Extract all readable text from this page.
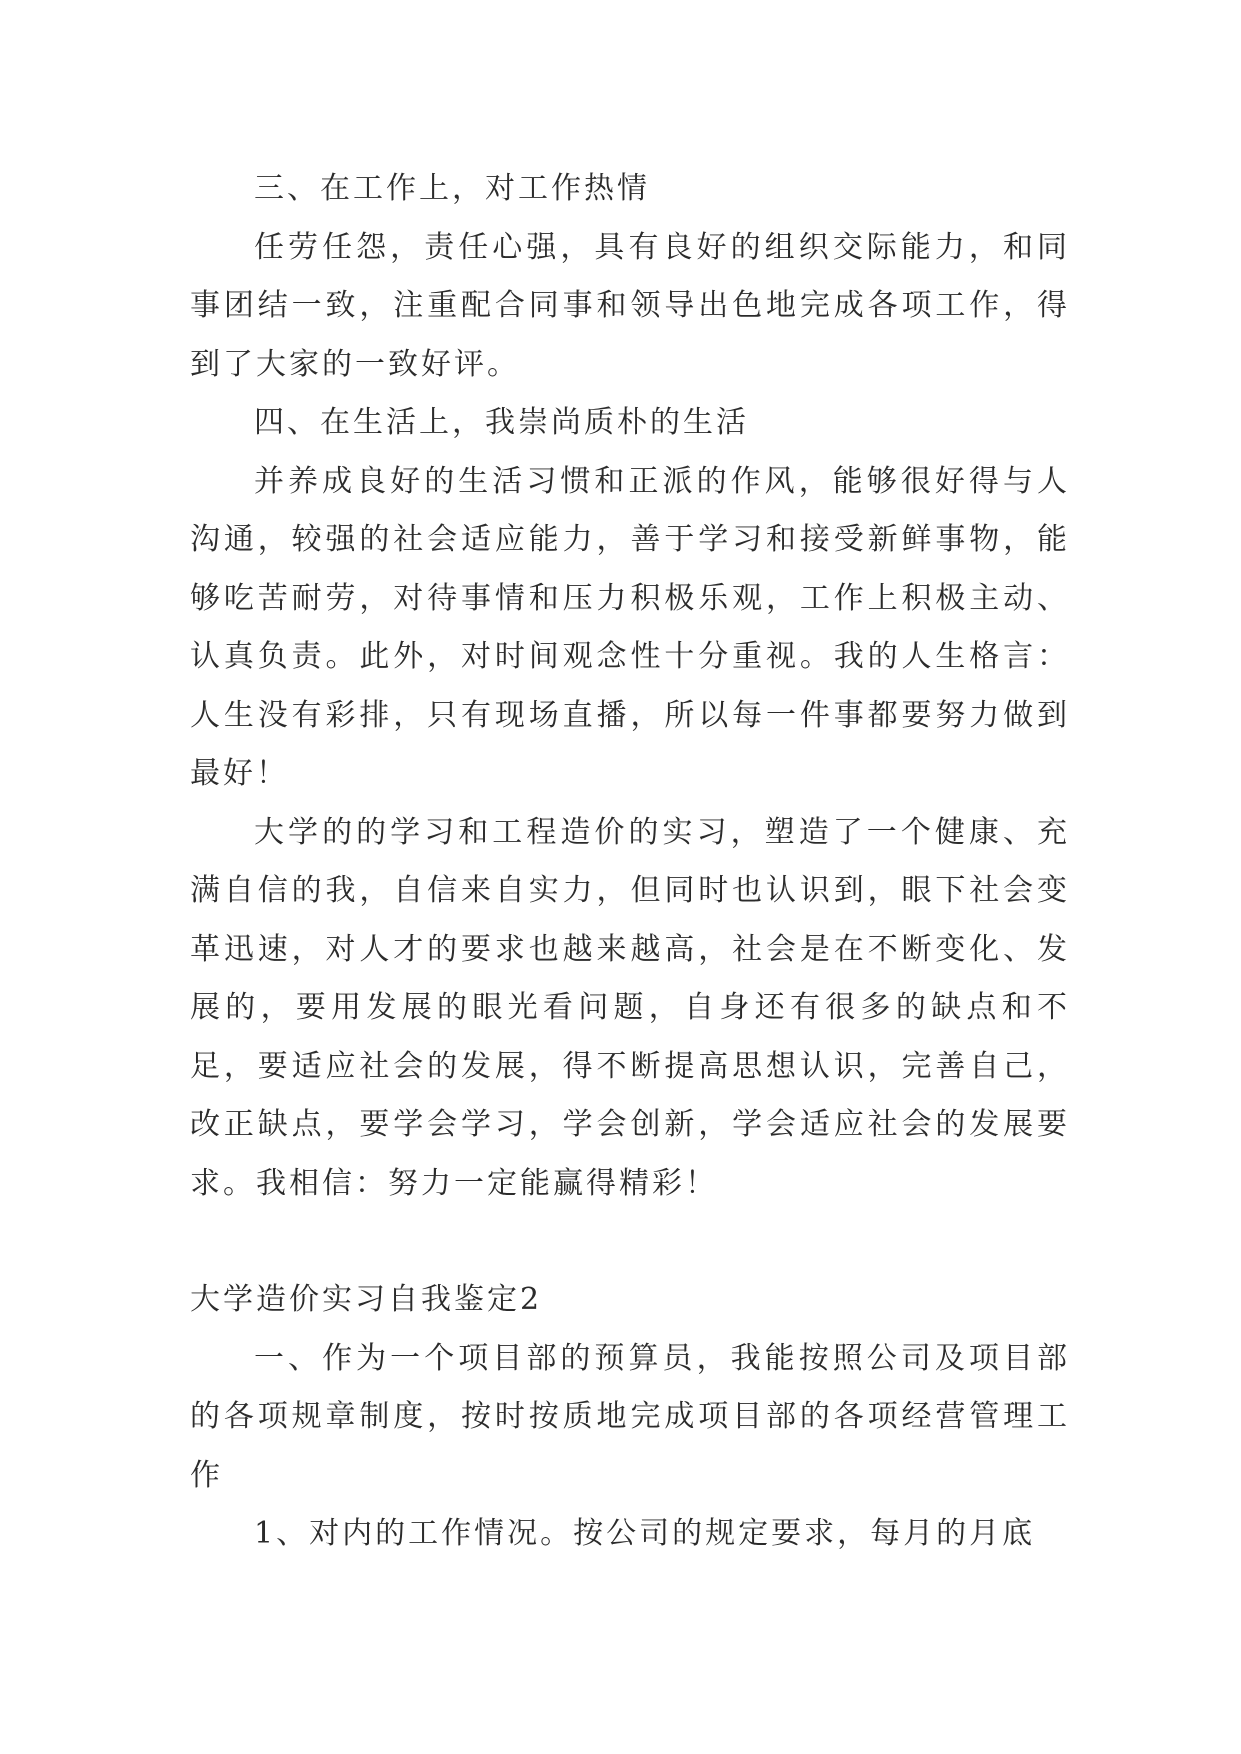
三、在工作上，对工作热情

任劳任怨，责任心强，具有良好的组织交际能力，和同事团结一致，注重配合同事和领导出色地完成各项工作，得到了大家的一致好评。

四、在生活上，我崇尚质朴的生活

并养成良好的生活习惯和正派的作风，能够很好得与人沟通，较强的社会适应能力，善于学习和接受新鲜事物，能够吃苦耐劳，对待事情和压力积极乐观，工作上积极主动、认真负责。此外，对时间观念性十分重视。我的人生格言：人生没有彩排，只有现场直播，所以每一件事都要努力做到最好！

大学的的学习和工程造价的实习，塑造了一个健康、充满自信的我，自信来自实力，但同时也认识到，眼下社会变革迅速，对人才的要求也越来越高，社会是在不断变化、发展的，要用发展的眼光看问题，自身还有很多的缺点和不足，要适应社会的发展，得不断提高思想认识，完善自己，改正缺点，要学会学习，学会创新，学会适应社会的发展要求。我相信：努力一定能赢得精彩！

大学造价实习自我鉴定2

一、作为一个项目部的预算员，我能按照公司及项目部的各项规章制度，按时按质地完成项目部的各项经营管理工作

1、对内的工作情况。按公司的规定要求，每月的月底
